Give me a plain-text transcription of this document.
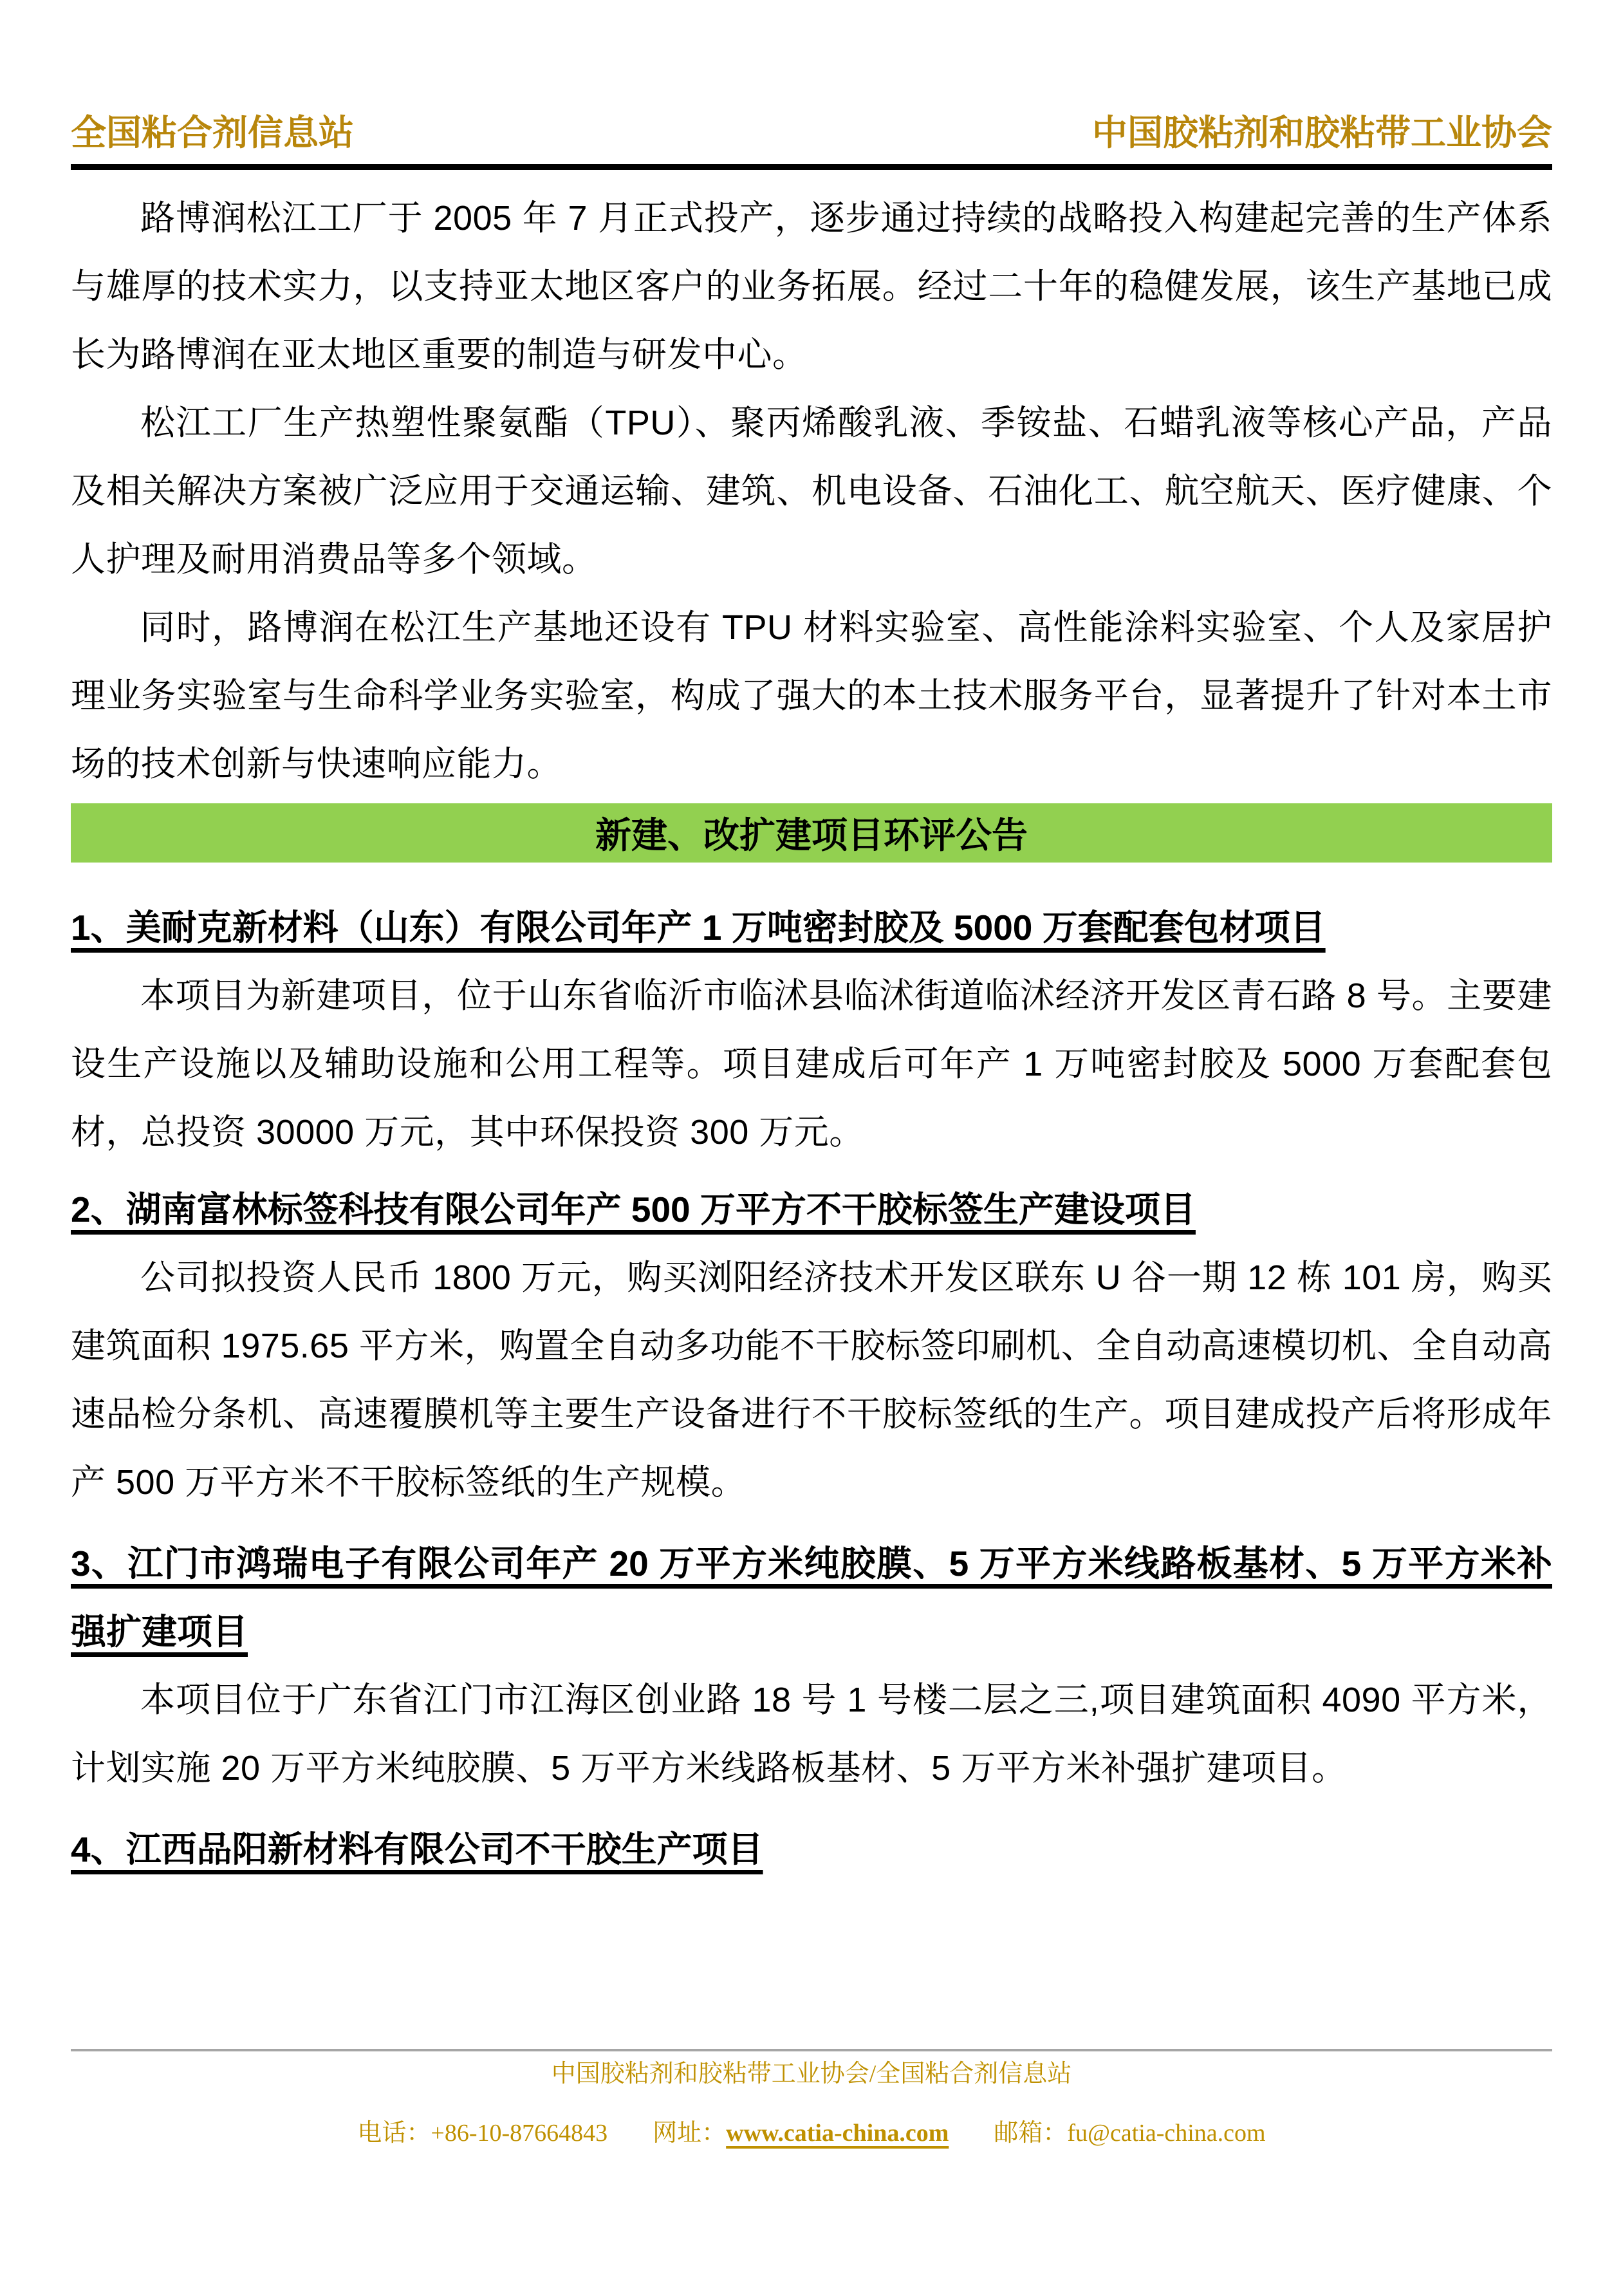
全国粘合剂信息站	中国胶粘剂和胶粘带工业协会

路博润松江工厂于 2005 年 7 月正式投产，逐步通过持续的战略投入构建起完善的生产体系与雄厚的技术实力，以支持亚太地区客户的业务拓展。经过二十年的稳健发展，该生产基地已成长为路博润在亚太地区重要的制造与研发中心。

松江工厂生产热塑性聚氨酯（TPU）、聚丙烯酸乳液、季铵盐、石蜡乳液等核心产品，产品及相关解决方案被广泛应用于交通运输、建筑、机电设备、石油化工、航空航天、医疗健康、个人护理及耐用消费品等多个领域。

同时，路博润在松江生产基地还设有 TPU 材料实验室、高性能涂料实验室、个人及家居护理业务实验室与生命科学业务实验室，构成了强大的本土技术服务平台，显著提升了针对本土市场的技术创新与快速响应能力。

新建、改扩建项目环评公告
1、美耐克新材料（山东）有限公司年产 1 万吨密封胶及 5000 万套配套包材项目

本项目为新建项目，位于山东省临沂市临沭县临沭街道临沭经济开发区青石路 8 号。主要建设生产设施以及辅助设施和公用工程等。项目建成后可年产 1 万吨密封胶及 5000 万套配套包材，总投资 30000 万元，其中环保投资 300 万元。

2、湖南富林标签科技有限公司年产 500 万平方不干胶标签生产建设项目

公司拟投资人民币 1800 万元，购买浏阳经济技术开发区联东 U 谷一期 12 栋 101 房，购买建筑面积 1975.65 平方米，购置全自动多功能不干胶标签印刷机、全自动高速模切机、全自动高速品检分条机、高速覆膜机等主要生产设备进行不干胶标签纸的生产。项目建成投产后将形成年产 500 万平方米不干胶标签纸的生产规模。

3、江门市鸿瑞电子有限公司年产 20 万平方米纯胶膜、5 万平方米线路板基材、5 万平方米补强扩建项目

本项目位于广东省江门市江海区创业路 18 号 1 号楼二层之三,项目建筑面积 4090 平方米，计划实施 20 万平方米纯胶膜、5 万平方米线路板基材、5 万平方米补强扩建项目。

4、江西品阳新材料有限公司不干胶生产项目
中国胶粘剂和胶粘带工业协会/全国粘合剂信息站
电话：+86-10-87664843 网址：www.catia-china.com 邮箱：fu@catia-china.com
